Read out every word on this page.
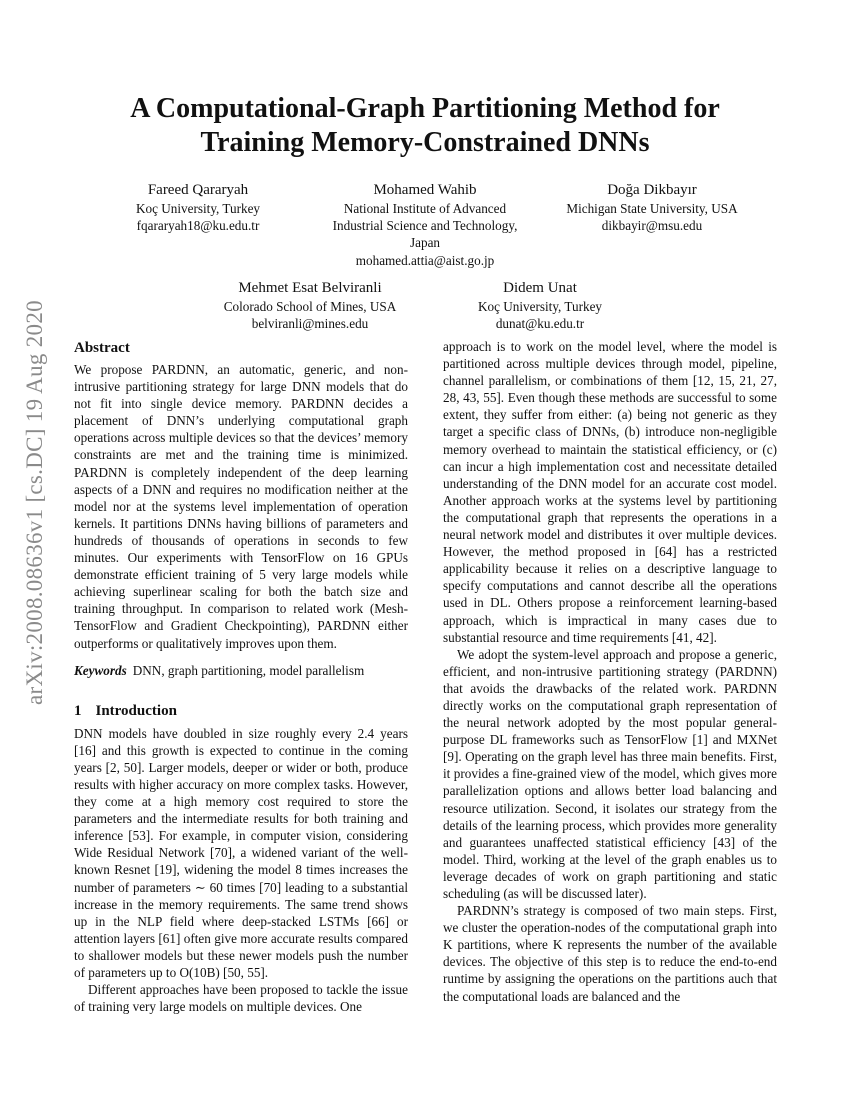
arXiv:2008.08636v1 [cs.DC] 19 Aug 2020
A Computational-Graph Partitioning Method for
Training Memory-Constrained DNNs
Fareed Qararyah
Koç University, Turkey
fqararyah18@ku.edu.tr
Mohamed Wahib
National Institute of Advanced Industrial Science and Technology, Japan
mohamed.attia@aist.go.jp
Doğa Dikbayır
Michigan State University, USA
dikbayir@msu.edu
Mehmet Esat Belviranli
Colorado School of Mines, USA
belviranli@mines.edu
Didem Unat
Koç University, Turkey
dunat@ku.edu.tr
Abstract

We propose PARDNN, an automatic, generic, and non-intrusive partitioning strategy for large DNN models that do not fit into single device memory. PARDNN decides a placement of DNN’s underlying computational graph operations across multiple devices so that the devices’ memory constraints are met and the training time is minimized. PARDNN is completely independent of the deep learning aspects of a DNN and requires no modification neither at the model nor at the systems level implementation of operation kernels. It partitions DNNs having billions of parameters and hundreds of thousands of operations in seconds to few minutes. Our experiments with TensorFlow on 16 GPUs demonstrate efficient training of 5 very large models while achieving superlinear scaling for both the batch size and training throughput. In comparison to related work (Mesh-TensorFlow and Gradient Checkpointing), PARDNN either outperforms or qualitatively improves upon them.

Keywords DNN, graph partitioning, model parallelism

1 Introduction

DNN models have doubled in size roughly every 2.4 years [16] and this growth is expected to continue in the coming years [2, 50]. Larger models, deeper or wider or both, produce results with higher accuracy on more complex tasks. However, they come at a high memory cost required to store the parameters and the intermediate results for both training and inference [53]. For example, in computer vision, considering Wide Residual Network [70], a widened variant of the well-known Resnet [19], widening the model 8 times increases the number of parameters ∼ 60 times [70] leading to a substantial increase in the memory requirements. The same trend shows up in the NLP field where deep-stacked LSTMs [66] or attention layers [61] often give more accurate results compared to shallower models but these newer models push the number of parameters up to O(10B) [50, 55].

Different approaches have been proposed to tackle the issue of training very large models on multiple devices. One

approach is to work on the model level, where the model is partitioned across multiple devices through model, pipeline, channel parallelism, or combinations of them [12, 15, 21, 27, 28, 43, 55]. Even though these methods are successful to some extent, they suffer from either: (a) being not generic as they target a specific class of DNNs, (b) introduce non-negligible memory overhead to maintain the statistical efficiency, or (c) can incur a high implementation cost and necessitate detailed understanding of the DNN model for an accurate cost model. Another approach works at the systems level by partitioning the computational graph that represents the operations in a neural network model and distributes it over multiple devices. However, the method proposed in [64] has a restricted applicability because it relies on a descriptive language to specify computations and cannot describe all the operations used in DL. Others propose a reinforcement learning-based approach, which is impractical in many cases due to substantial resource and time requirements [41, 42].

We adopt the system-level approach and propose a generic, efficient, and non-intrusive partitioning strategy (PARDNN) that avoids the drawbacks of the related work. PARDNN directly works on the computational graph representation of the neural network adopted by the most popular general-purpose DL frameworks such as TensorFlow [1] and MXNet [9]. Operating on the graph level has three main benefits. First, it provides a fine-grained view of the model, which gives more parallelization options and allows better load balancing and resource utilization. Second, it isolates our strategy from the details of the learning process, which provides more generality and guarantees unaffected statistical efficiency [43] of the model. Third, working at the level of the graph enables us to leverage decades of work on graph partitioning and static scheduling (as will be discussed later).

PARDNN’s strategy is composed of two main steps. First, we cluster the operation-nodes of the computational graph into K partitions, where K represents the number of the available devices. The objective of this step is to reduce the end-to-end runtime by assigning the operations on the partitions auch that the computational loads are balanced and the
